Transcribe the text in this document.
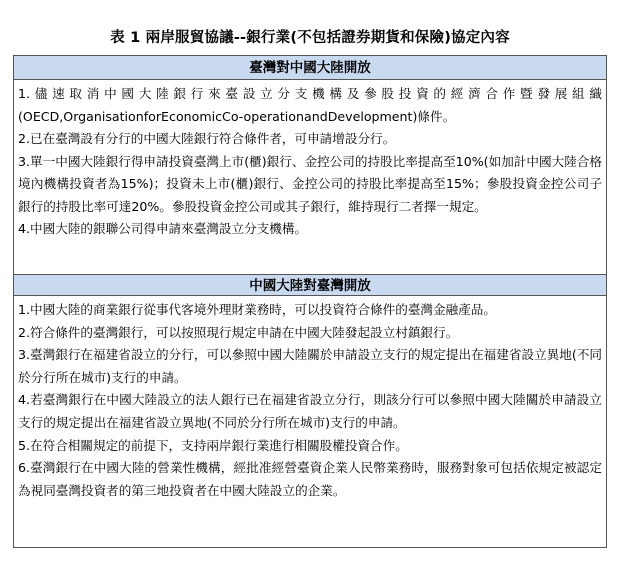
表 1 兩岸服貿協議--銀行業(不包括證券期貨和保險)協定內容
臺灣對中國大陸開放

1.儘速取消中國大陸銀行來臺設立分支機構及參股投資的經濟合作暨發展組織(OECD,OrganisationforEconomicCo-operationandDevelopment)條件。

2.已在臺灣設有分行的中國大陸銀行符合條件者，可申請增設分行。

3.單一中國大陸銀行得申請投資臺灣上市(櫃)銀行、金控公司的持股比率提高至10%(如加計中國大陸合格境內機構投資者為15%)；投資未上市(櫃)銀行、金控公司的持股比率提高至15%；參股投資金控公司子銀行的持股比率可達20%。參股投資金控公司或其子銀行，維持現行二者擇一規定。

4.中國大陸的銀聯公司得申請來臺灣設立分支機構。

中國大陸對臺灣開放

1.中國大陸的商業銀行從事代客境外理財業務時，可以投資符合條件的臺灣金融產品。

2.符合條件的臺灣銀行，可以按照現行規定申請在中國大陸發起設立村鎮銀行。

3.臺灣銀行在福建省設立的分行，可以參照中國大陸關於申請設立支行的規定提出在福建省設立異地(不同於分行所在城市)支行的申請。

4.若臺灣銀行在中國大陸設立的法人銀行已在福建省設立分行，則該分行可以參照中國大陸關於申請設立支行的規定提出在福建省設立異地(不同於分行所在城市)支行的申請。

5.在符合相關規定的前提下，支持兩岸銀行業進行相關股權投資合作。

6.臺灣銀行在中國大陸的營業性機構，經批准經營臺資企業人民幣業務時，服務對象可包括依規定被認定為視同臺灣投資者的第三地投資者在中國大陸設立的企業。
